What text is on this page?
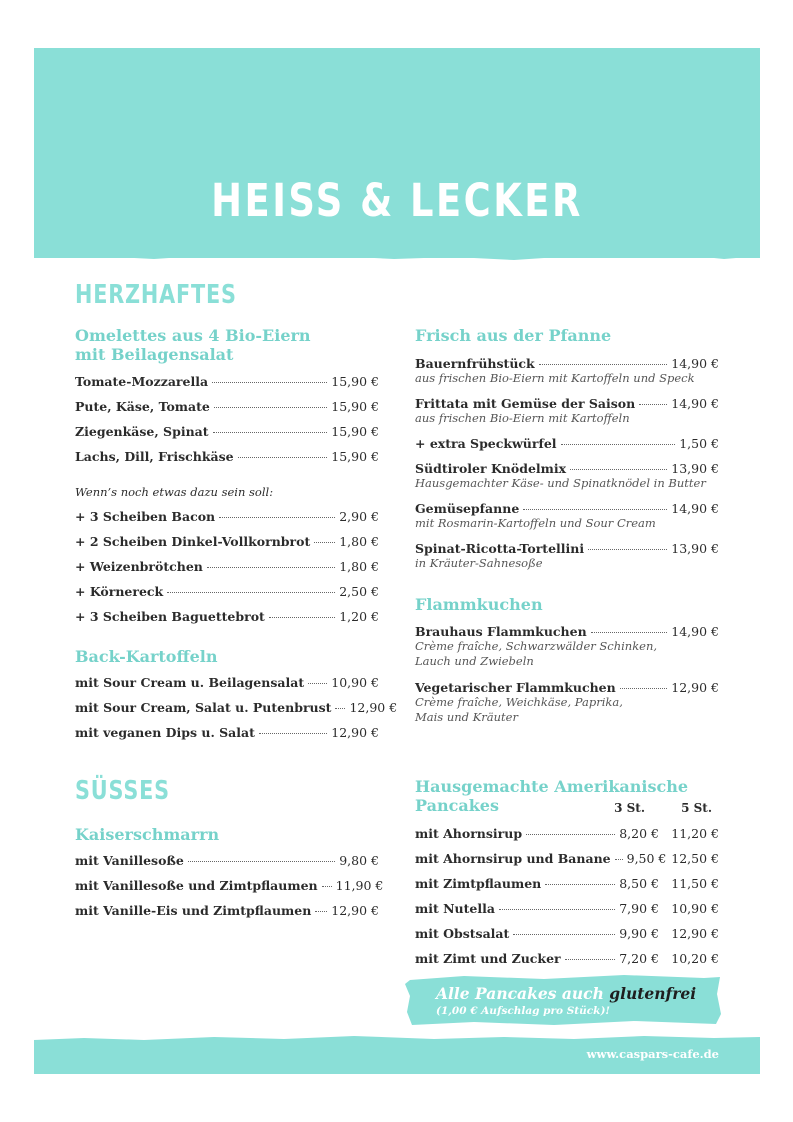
HEISS & LECKER
HERZHAFTES
Omelettes aus 4 Bio-Eiern
mit Beilagensalat
Tomate-Mozzarella	15,90 €
Pute, Käse, Tomate	15,90 €
Ziegenkäse, Spinat	15,90 €
Lachs, Dill, Frischkäse	15,90 €
Wenn’s noch etwas dazu sein soll:
+ 3 Scheiben Bacon	2,90 €
+ 2 Scheiben Dinkel-Vollkornbrot 1,80 €
+ Weizenbrötchen	1,80 €
+ Körnereck	2,50 €
+ 3 Scheiben Baguettebrot	1,20 €
Back-Kartoffeln
mit Sour Cream u. Beilagensalat 10,90 €
mit Sour Cream, Salat u. Putenbrust 12,90 €
mit veganen Dips u. Salat	12,90 €
Frisch aus der Pfanne
Bauernfrühstück	14,90 €
aus frischen Bio-Eiern mit Kartoffeln und Speck
Frittata mit Gemüse der Saison	14,90 €
aus frischen Bio-Eiern mit Kartoffeln
+ extra Speckwürfel	1,50 €
Südtiroler Knödelmix	13,90 €
Hausgemachter Käse- und Spinatknödel in Butter
Gemüsepfanne	14,90 €
mit Rosmarin-Kartoffeln und Sour Cream
Spinat-Ricotta-Tortellini	13,90 €
in Kräuter-Sahnesoße
Flammkuchen
Brauhaus Flammkuchen	14,90 €
Crème fraîche, Schwarzwälder Schinken,
Lauch und Zwiebeln
Vegetarischer Flammkuchen	12,90 €
Crème fraîche, Weichkäse, Paprika,
Mais und Kräuter
SÜSSES
Kaiserschmarrn
mit Vanillesoße	9,80 €
mit Vanillesoße und Zimtpflaumen 11,90 €
mit Vanille-Eis und Zimtpflaumen 12,90 €
Hausgemachte Amerikanische
Pancakes	3 St.	5 St.
mit Ahornsirup	8,20 € 11,20 €
mit Ahornsirup und Banane 9,50 € 12,50 €
mit Zimtpflaumen	8,50 € 11,50 €
mit Nutella	7,90 € 10,90 €
mit Obstsalat	9,90 € 12,90 €
mit Zimt und Zucker	7,20 € 10,20 €
Alle Pancakes auch glutenfrei
(1,00 € Aufschlag pro Stück)!
www.caspars-cafe.de
